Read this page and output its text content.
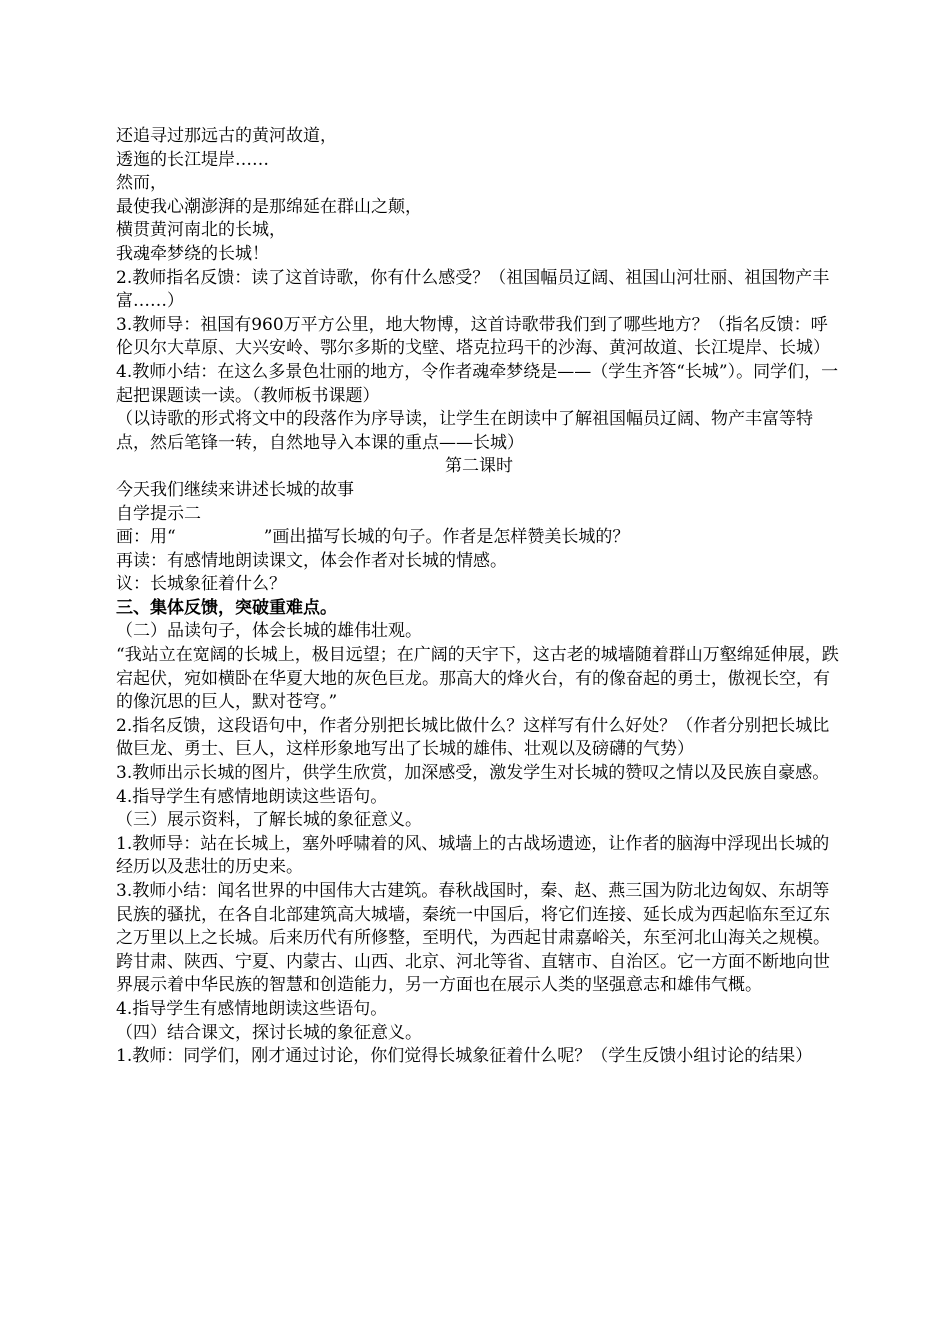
还追寻过那远古的黄河故道，

透迤的长江堤岸……

然而，

最使我心潮澎湃的是那绵延在群山之颠，

横贯黄河南北的长城，

我魂牵梦绕的长城！

2.教师指名反馈：读了这首诗歌，你有什么感受？（祖国幅员辽阔、祖国山河壮丽、祖国物产丰富……）

3.教师导：祖国有960万平方公里，地大物博，这首诗歌带我们到了哪些地方？（指名反馈：呼伦贝尔大草原、大兴安岭、鄂尔多斯的戈壁、塔克拉玛干的沙海、黄河故道、长江堤岸、长城）

4.教师小结：在这么多景色壮丽的地方，令作者魂牵梦绕是——（学生齐答“长城”）。同学们，一起把课题读一读。（教师板书课题）

（以诗歌的形式将文中的段落作为序导读，让学生在朗读中了解祖国幅员辽阔、物产丰富等特点，然后笔锋一转，自然地导入本课的重点——长城）

第二课时

今天我们继续来讲述长城的故事

自学提示二

画：用“	”画出描写长城的句子。作者是怎样赞美长城的？

再读：有感情地朗读课文，体会作者对长城的情感。

议：长城象征着什么？

三、集体反馈，突破重难点。

（二）品读句子，体会长城的雄伟壮观。

“我站立在宽阔的长城上，极目远望；在广阔的天宇下，这古老的城墙随着群山万壑绵延伸展，跌宕起伏，宛如横卧在华夏大地的灰色巨龙。那高大的烽火台，有的像奋起的勇士，傲视长空，有的像沉思的巨人，默对苍穹。”

2.指名反馈，这段语句中，作者分别把长城比做什么？这样写有什么好处？（作者分别把长城比做巨龙、勇士、巨人，这样形象地写出了长城的雄伟、壮观以及磅礴的气势）

3.教师出示长城的图片，供学生欣赏，加深感受，激发学生对长城的赞叹之情以及民族自豪感。

4.指导学生有感情地朗读这些语句。

（三）展示资料，了解长城的象征意义。

1.教师导：站在长城上，塞外呼啸着的风、城墙上的古战场遗迹，让作者的脑海中浮现出长城的经历以及悲壮的历史来。

3.教师小结：闻名世界的中国伟大古建筑。春秋战国时，秦、赵、燕三国为防北边匈奴、东胡等民族的骚扰，在各自北部建筑高大城墙，秦统一中国后，将它们连接、延长成为西起临东至辽东之万里以上之长城。后来历代有所修整，至明代，为西起甘肃嘉峪关，东至河北山海关之规模。跨甘肃、陕西、宁夏、内蒙古、山西、北京、河北等省、直辖市、自治区。它一方面不断地向世界展示着中华民族的智慧和创造能力，另一方面也在展示人类的坚强意志和雄伟气概。

4.指导学生有感情地朗读这些语句。

（四）结合课文，探讨长城的象征意义。

1.教师：同学们，刚才通过讨论，你们觉得长城象征着什么呢？（学生反馈小组讨论的结果）
